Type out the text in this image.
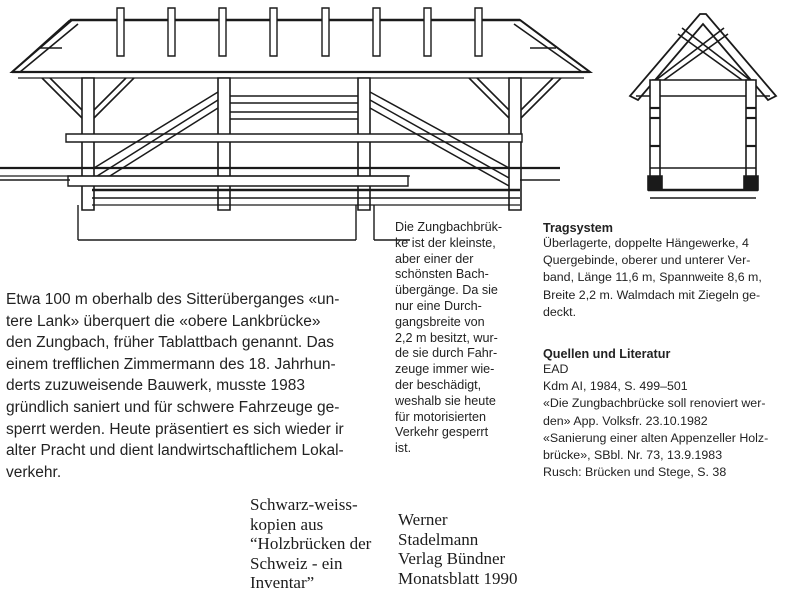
Etwa 100 m oberhalb des Sitterüberganges «un-
tere Lank» überquert die «obere Lankbrücke»
den Zungbach, früher Tablattbach genannt. Das
einem trefflichen Zimmermann des 18. Jahrhun-
derts zuzuweisende Bauwerk, musste 1983
gründlich saniert und für schwere Fahrzeuge ge-
sperrt werden. Heute präsentiert es sich wieder ir
alter Pracht und dient landwirtschaftlichem Lokal-
verkehr.
Die Zungbachbrük-
ke ist der kleinste,
aber einer der
schönsten Bach-
übergänge. Da sie
nur eine Durch-
gangsbreite von
2,2 m besitzt, wur-
de sie durch Fahr-
zeuge immer wie-
der beschädigt,
weshalb sie heute
für motorisierten
Verkehr gesperrt
ist.
Tragsystem
Überlagerte, doppelte Hängewerke, 4
Quergebinde, oberer und unterer Ver-
band, Länge 11,6 m, Spannweite 8,6 m,
Breite 2,2 m. Walmdach mit Ziegeln ge-
deckt.
Quellen und Literatur
EAD
Kdm AI, 1984, S. 499–501
«Die Zungbachbrücke soll renoviert wer-
den» App. Volksfr. 23.10.1982
«Sanierung einer alten Appenzeller Holz-
brücke», SBbl. Nr. 73, 13.9.1983
Rusch: Brücken und Stege, S. 38
Schwarz-weiss-
kopien aus
“Holzbrücken der
Schweiz - ein
Inventar”
Werner
Stadelmann
Verlag Bündner
Monatsblatt 1990
